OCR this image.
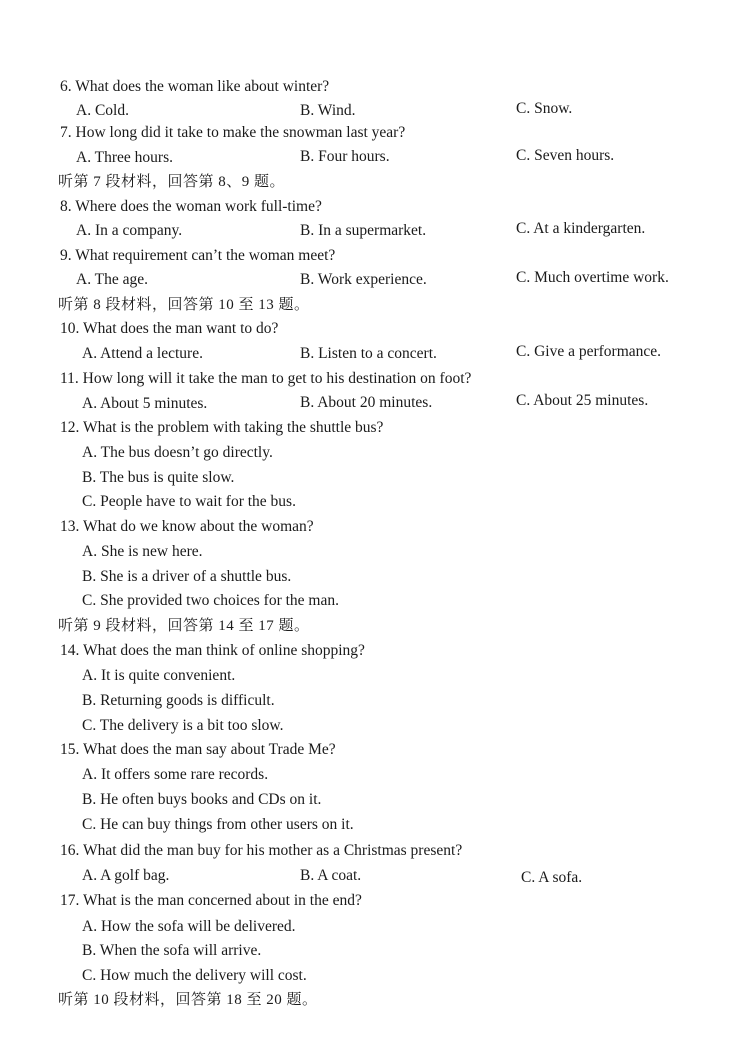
6. What does the woman like about winter?
A. Cold.	B. Wind.	C. Snow.
7. How long did it take to make the snowman last year?
A. Three hours.	B. Four hours.	C. Seven hours.
听第 7 段材料，回答第 8、9 题。
8. Where does the woman work full-time?
A. In a company.	B. In a supermarket.	C. At a kindergarten.
9. What requirement can’t the woman meet?
A. The age.	B. Work experience.	C. Much overtime work.
听第 8 段材料，回答第 10 至 13 题。
10. What does the man want to do?
A. Attend a lecture.	B. Listen to a concert.	C. Give a performance.
11. How long will it take the man to get to his destination on foot?
A. About 5 minutes.	B. About 20 minutes.	C. About 25 minutes.
12. What is the problem with taking the shuttle bus?
A. The bus doesn’t go directly.
B. The bus is quite slow.
C. People have to wait for the bus.
13. What do we know about the woman?
A. She is new here.
B. She is a driver of a shuttle bus.
C. She provided two choices for the man.
听第 9 段材料，回答第 14 至 17 题。
14. What does the man think of online shopping?
A. It is quite convenient.
B. Returning goods is difficult.
C. The delivery is a bit too slow.
15. What does the man say about Trade Me?
A. It offers some rare records.
B. He often buys books and CDs on it.
C. He can buy things from other users on it.
16. What did the man buy for his mother as a Christmas present?
A. A golf bag.	B. A coat.	C. A sofa.
17. What is the man concerned about in the end?
A. How the sofa will be delivered.
B. When the sofa will arrive.
C. How much the delivery will cost.
听第 10 段材料，回答第 18 至 20 题。
